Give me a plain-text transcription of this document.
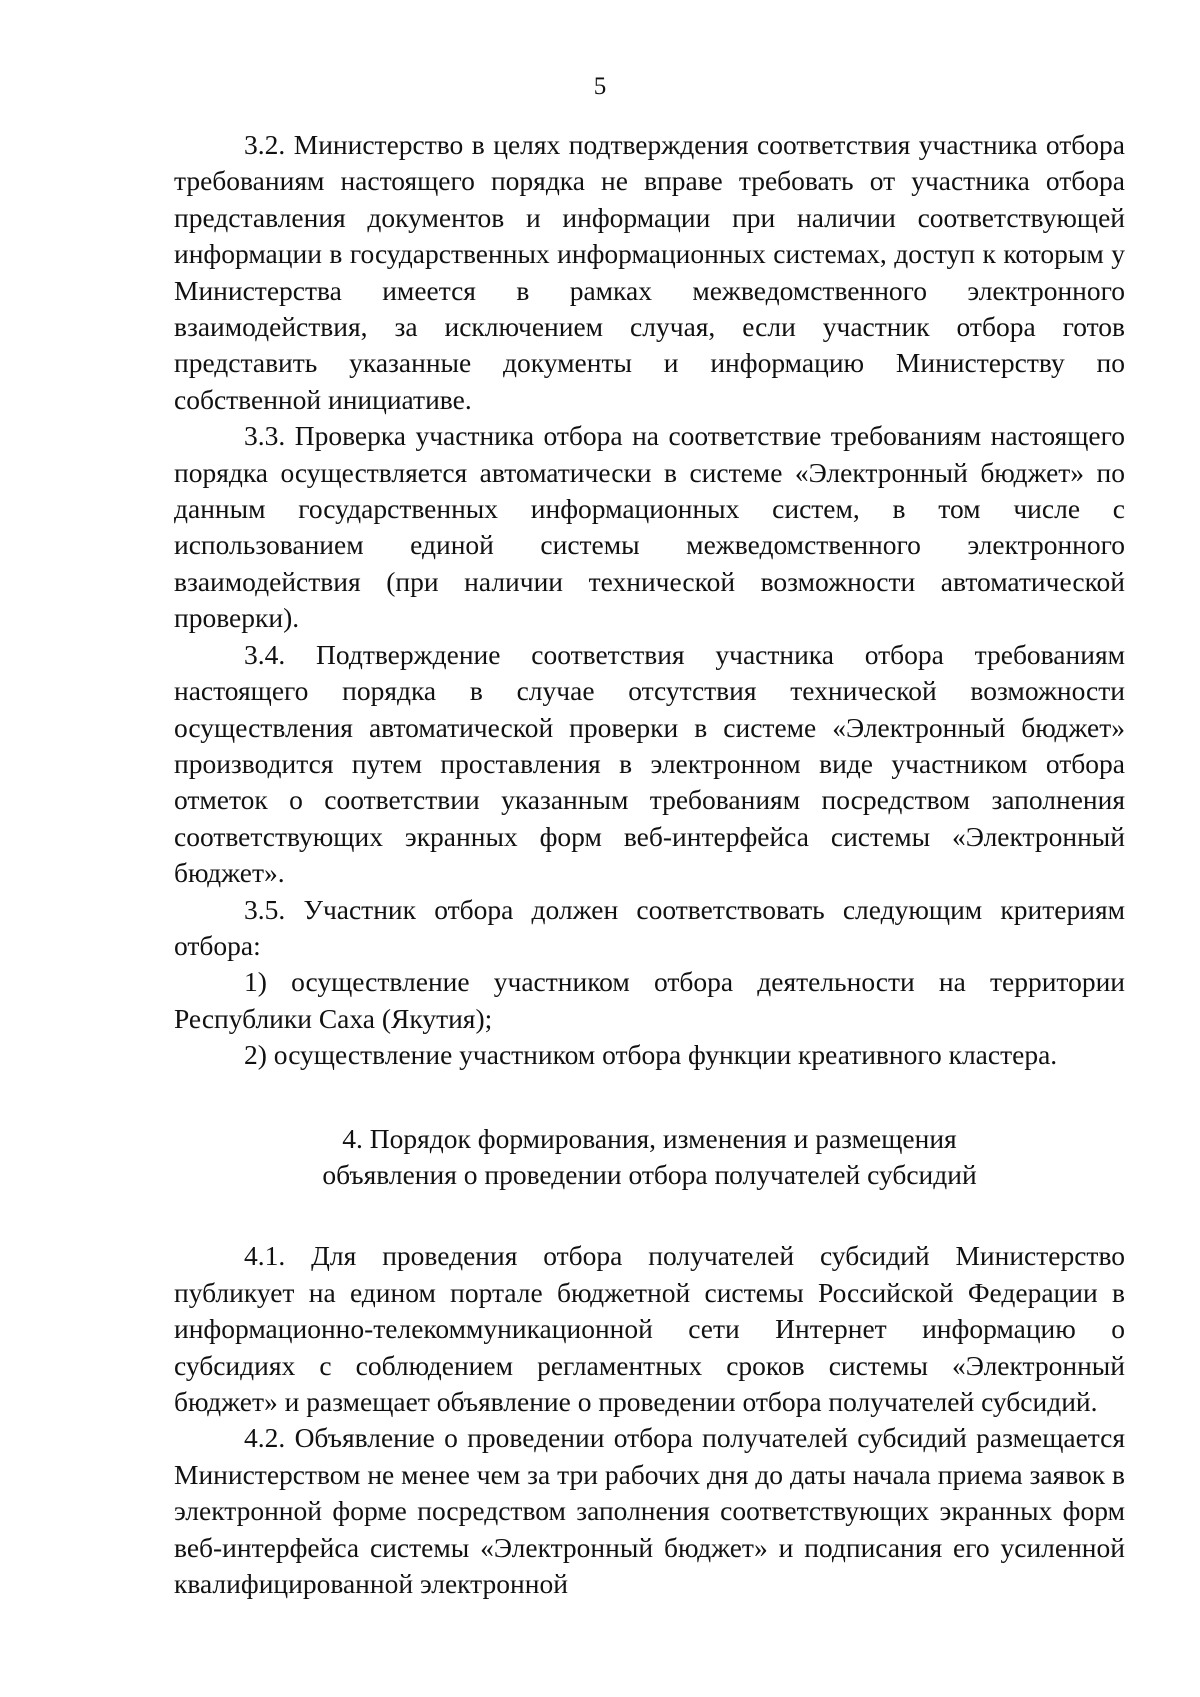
5

3.2. Министерство в целях подтверждения соответствия участника отбора требованиям настоящего порядка не вправе требовать от участника отбора представления документов и информации при наличии соответствующей информации в государственных информационных системах, доступ к которым у Министерства имеется в рамках межведомственного электронного взаимодействия, за исключением случая, если участник отбора готов представить указанные документы и информацию Министерству по собственной инициативе.

3.3. Проверка участника отбора на соответствие требованиям настоящего порядка осуществляется автоматически в системе «Электронный бюджет» по данным государственных информационных систем, в том числе с использованием единой системы межведомственного электронного взаимодействия (при наличии технической возможности автоматической проверки).

3.4. Подтверждение соответствия участника отбора требованиям настоящего порядка в случае отсутствия технической возможности осуществления автоматической проверки в системе «Электронный бюджет» производится путем проставления в электронном виде участником отбора отметок о соответствии указанным требованиям посредством заполнения соответствующих экранных форм веб-интерфейса системы «Электронный бюджет».

3.5. Участник отбора должен соответствовать следующим критериям отбора:

1) осуществление участником отбора деятельности на территории Республики Саха (Якутия);

2) осуществление участником отбора функции креативного кластера.

4. Порядок формирования, изменения и размещения
объявления о проведении отбора получателей субсидий

4.1. Для проведения отбора получателей субсидий Министерство публикует на едином портале бюджетной системы Российской Федерации в информационно-телекоммуникационной сети Интернет информацию о субсидиях с соблюдением регламентных сроков системы «Электронный бюджет» и размещает объявление о проведении отбора получателей субсидий.

4.2. Объявление о проведении отбора получателей субсидий размещается Министерством не менее чем за три рабочих дня до даты начала приема заявок в электронной форме посредством заполнения соответствующих экранных форм веб-интерфейса системы «Электронный бюджет» и подписания его усиленной квалифицированной электронной
